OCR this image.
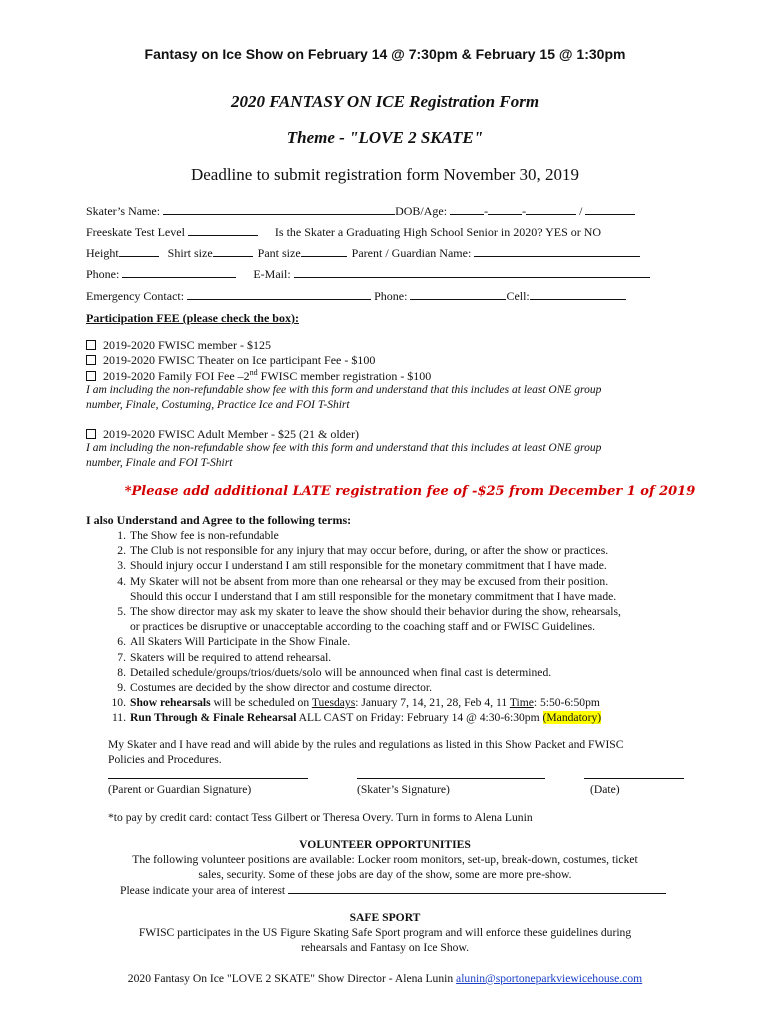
Fantasy on Ice Show on February 14 @ 7:30pm & February 15 @ 1:30pm
2020 FANTASY ON ICE Registration Form
Theme - "LOVE 2 SKATE"
Deadline to submit registration form November 30, 2019
Skater’s Name:	DOB/Age:	-	-	/
Freeskate Test Level	Is the Skater a Graduating High School Senior in 2020? YES or NO
Height	Shirt size	Pant size	Parent / Guardian Name:
Phone:	E-Mail:
Emergency Contact:	Phone:	Cell:
Participation FEE (please check the box):
2019-2020 FWISC member - $125
2019-2020 FWISC Theater on Ice participant Fee - $100
2019-2020 Family FOI Fee –2nd FWISC member registration - $100
I am including the non-refundable show fee with this form and understand that this includes at least ONE group
number, Finale, Costuming, Practice Ice and FOI T-Shirt
2019-2020 FWISC Adult Member - $25 (21 & older)
I am including the non-refundable show fee with this form and understand that this includes at least ONE group
number, Finale and FOI T-Shirt
*Please add additional LATE registration fee of -$25 from December 1 of 2019
I also Understand and Agree to the following terms:
1. The Show fee is non-refundable
2. The Club is not responsible for any injury that may occur before, during, or after the show or practices.
3. Should injury occur I understand I am still responsible for the monetary commitment that I have made.
4. My Skater will not be absent from more than one rehearsal or they may be excused from their position.
Should this occur I understand that I am still responsible for the monetary commitment that I have made.
5. The show director may ask my skater to leave the show should their behavior during the show, rehearsals,
or practices be disruptive or unacceptable according to the coaching staff and or FWISC Guidelines.
6. All Skaters Will Participate in the Show Finale.
7. Skaters will be required to attend rehearsal.
8. Detailed schedule/groups/trios/duets/solo will be announced when final cast is determined.
9. Costumes are decided by the show director and costume director.
10. Show rehearsals will be scheduled on Tuesdays: January 7, 14, 21, 28, Feb 4, 11 Time: 5:50-6:50pm
11. Run Through & Finale Rehearsal ALL CAST on Friday: February 14 @ 4:30-6:30pm (Mandatory)
My Skater and I have read and will abide by the rules and regulations as listed in this Show Packet and FWISC
Policies and Procedures.
(Parent or Guardian Signature)	(Skater’s Signature)	(Date)
*to pay by credit card: contact Tess Gilbert or Theresa Overy. Turn in forms to Alena Lunin
VOLUNTEER OPPORTUNITIES
The following volunteer positions are available: Locker room monitors, set-up, break-down, costumes, ticket
sales, security. Some of these jobs are day of the show, some are more pre-show.
Please indicate your area of interest
SAFE SPORT
FWISC participates in the US Figure Skating Safe Sport program and will enforce these guidelines during
rehearsals and Fantasy on Ice Show.
2020 Fantasy On Ice "LOVE 2 SKATE" Show Director - Alena Lunin alunin@sportoneparkviewicehouse.com
